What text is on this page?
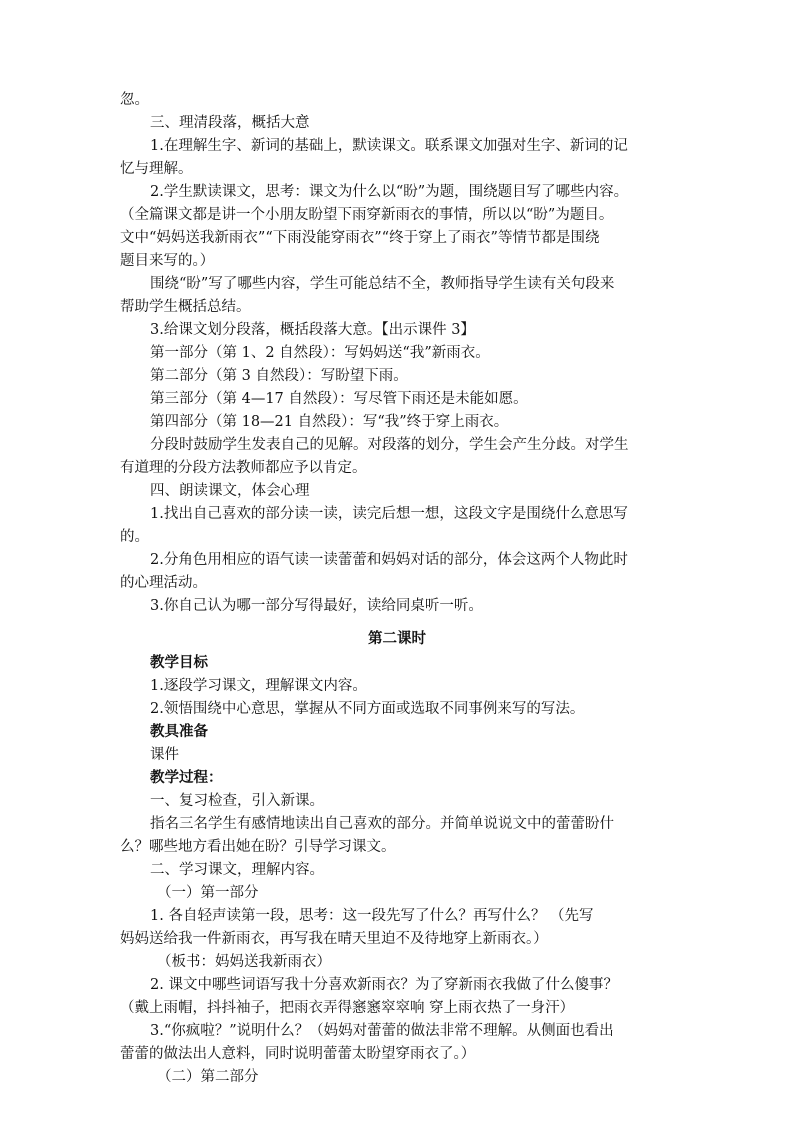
忽。
三、理清段落，概括大意
1.在理解生字、新词的基础上，默读课文。联系课文加强对生字、新词的记
忆与理解。
2.学生默读课文，思考：课文为什么以“盼”为题，围绕题目写了哪些内容。
（全篇课文都是讲一个小朋友盼望下雨穿新雨衣的事情，所以以“盼”为题目。
文中“妈妈送我新雨衣”“下雨没能穿雨衣”“终于穿上了雨衣”等情节都是围绕
题目来写的。）
围绕“盼”写了哪些内容，学生可能总结不全，教师指导学生读有关句段来
帮助学生概括总结。
3.给课文划分段落，概括段落大意。【出示课件 3】
第一部分（第 1、2 自然段）：写妈妈送“我”新雨衣。
第二部分（第 3 自然段）：写盼望下雨。
第三部分（第 4—17 自然段）：写尽管下雨还是未能如愿。
第四部分（第 18—21 自然段）：写“我”终于穿上雨衣。
分段时鼓励学生发表自己的见解。对段落的划分，学生会产生分歧。对学生
有道理的分段方法教师都应予以肯定。
四、朗读课文，体会心理
1.找出自己喜欢的部分读一读，读完后想一想，这段文字是围绕什么意思写
的。
2.分角色用相应的语气读一读蕾蕾和妈妈对话的部分，体会这两个人物此时
的心理活动。
3.你自己认为哪一部分写得最好，读给同桌听一听。
第二课时
教学目标
1.逐段学习课文，理解课文内容。
2.领悟围绕中心意思，掌握从不同方面或选取不同事例来写的写法。
教具准备
课件
教学过程：
一、复习检查，引入新课。
指名三名学生有感情地读出自己喜欢的部分。并简单说说文中的蕾蕾盼什
么？哪些地方看出她在盼？引导学习课文。
二、学习课文，理解内容。
（一）第一部分
1. 各自轻声读第一段，思考：这一段先写了什么？再写什么？ （先写
妈妈送给我一件新雨衣，再写我在晴天里迫不及待地穿上新雨衣。）
（板书：妈妈送我新雨衣）
2. 课文中哪些词语写我十分喜欢新雨衣？为了穿新雨衣我做了什么傻事？
（戴上雨帽，抖抖袖子，把雨衣弄得窸窸窣窣响 穿上雨衣热了一身汗）
3.“你疯啦？”说明什么？（妈妈对蕾蕾的做法非常不理解。从侧面也看出
蕾蕾的做法出人意料，同时说明蕾蕾太盼望穿雨衣了。）
（二）第二部分
